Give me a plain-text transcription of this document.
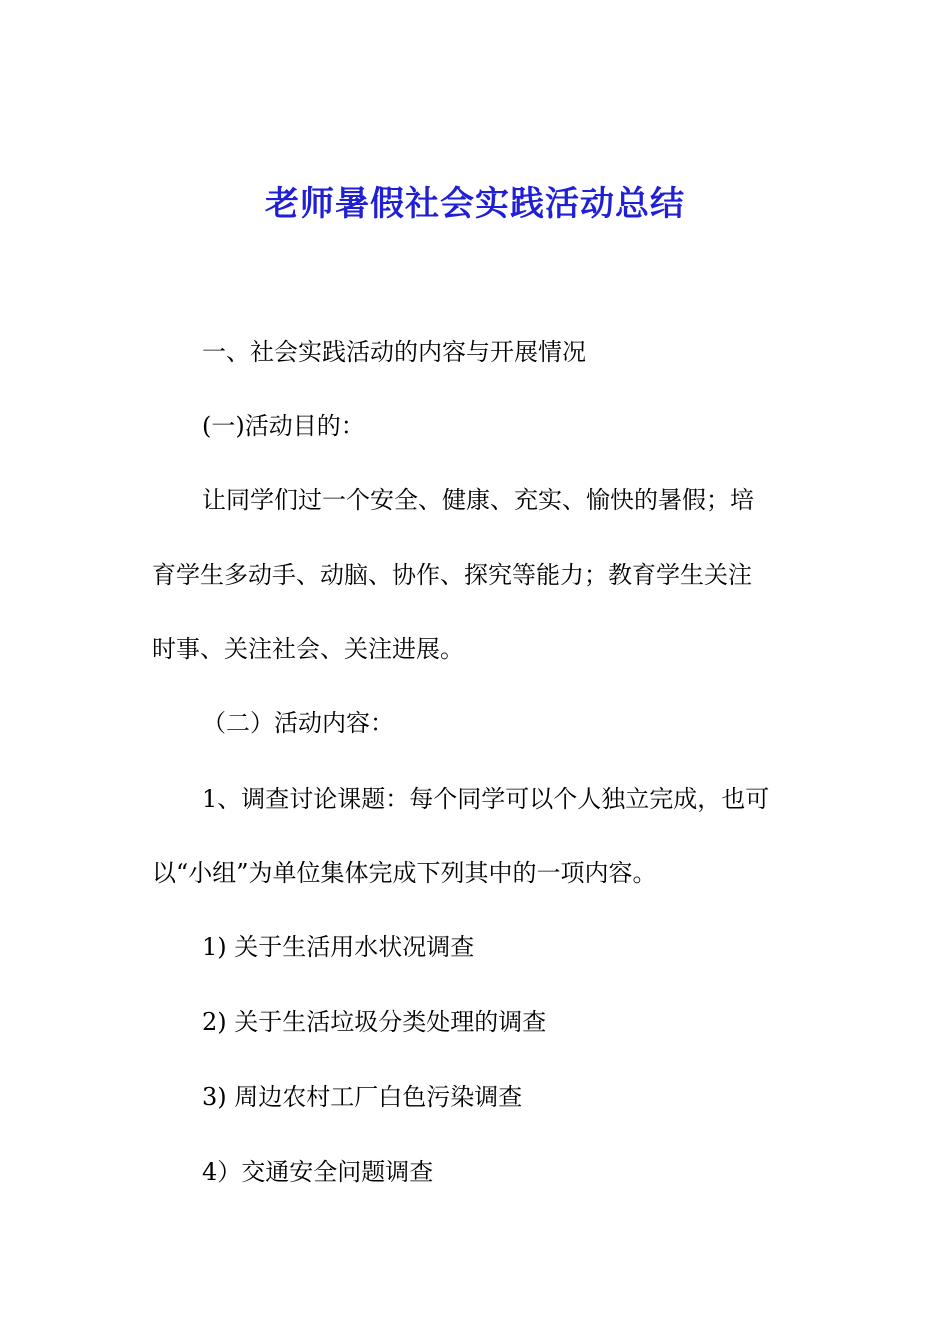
老师暑假社会实践活动总结
一、社会实践活动的内容与开展情况
(一)活动目的：
让同学们过一个安全、健康、充实、愉快的暑假；培
育学生多动手、动脑、协作、探究等能力；教育学生关注
时事、关注社会、关注进展。
（二）活动内容：
1、调查讨论课题：每个同学可以个人独立完成，也可
以“小组”为单位集体完成下列其中的一项内容。
1) 关于生活用水状况调查
2) 关于生活垃圾分类处理的调查
3) 周边农村工厂白色污染调查
4）交通安全问题调查
